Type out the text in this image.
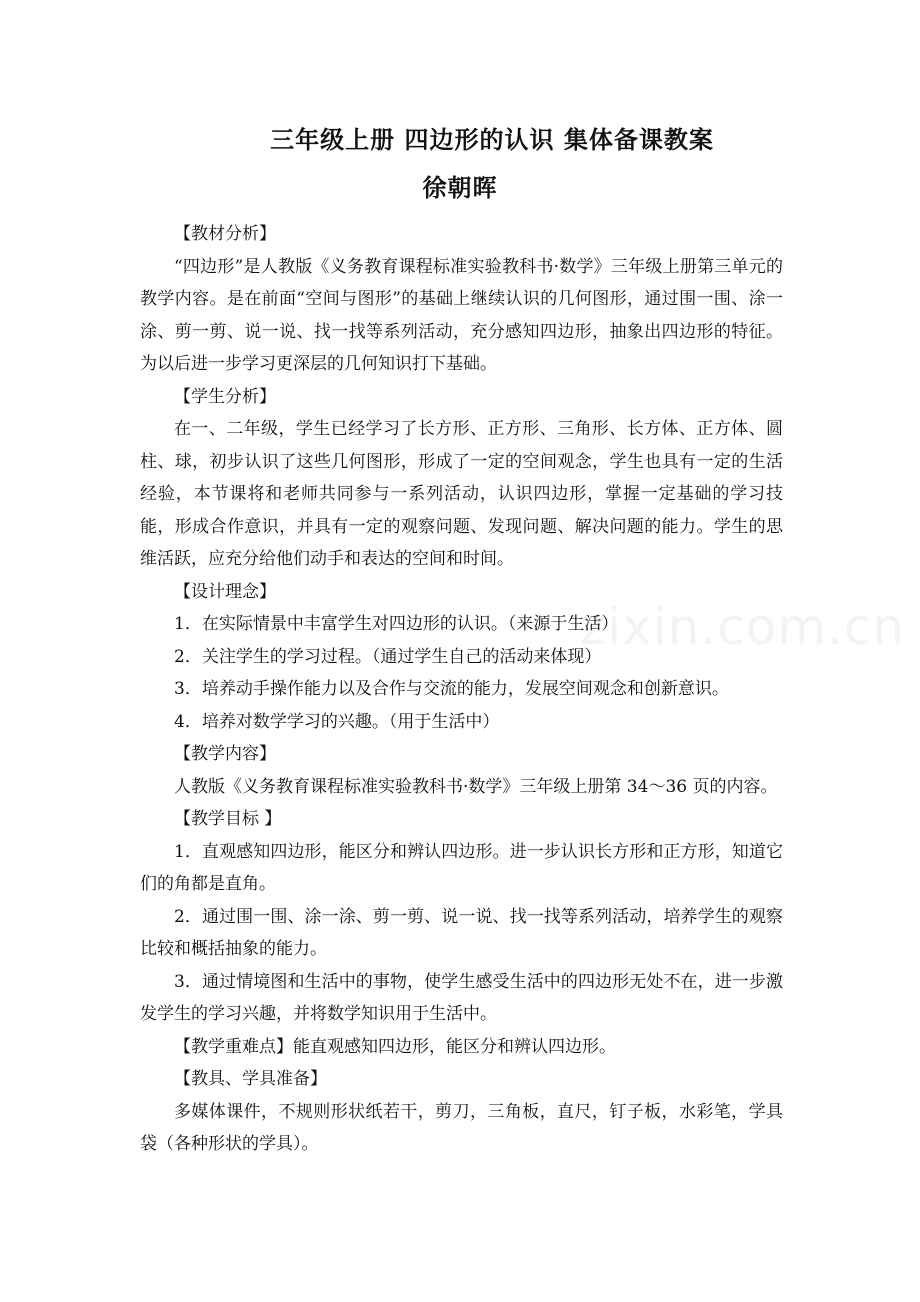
三年级上册 四边形的认识 集体备课教案
徐朝晖
zixin.com.cn

【教材分析】

“四边形”是人教版《义务教育课程标准实验教科书·数学》三年级上册第三单元的教学内容。是在前面“空间与图形”的基础上继续认识的几何图形，通过围一围、涂一涂、剪一剪、说一说、找一找等系列活动，充分感知四边形，抽象出四边形的特征。为以后进一步学习更深层的几何知识打下基础。

【学生分析】

在一、二年级，学生已经学习了长方形、正方形、三角形、长方体、正方体、圆柱、球，初步认识了这些几何图形，形成了一定的空间观念，学生也具有一定的生活经验，本节课将和老师共同参与一系列活动，认识四边形，掌握一定基础的学习技能，形成合作意识，并具有一定的观察问题、发现问题、解决问题的能力。学生的思维活跃，应充分给他们动手和表达的空间和时间。

【设计理念】

1．在实际情景中丰富学生对四边形的认识。（来源于生活）

2．关注学生的学习过程。（通过学生自己的活动来体现）

3．培养动手操作能力以及合作与交流的能力，发展空间观念和创新意识。

4．培养对数学学习的兴趣。（用于生活中）

【教学内容】

人教版《义务教育课程标准实验教科书·数学》三年级上册第 34～36 页的内容。

【教学目标 】

1．直观感知四边形，能区分和辨认四边形。进一步认识长方形和正方形，知道它们的角都是直角。

2．通过围一围、涂一涂、剪一剪、说一说、找一找等系列活动，培养学生的观察比较和概括抽象的能力。

3．通过情境图和生活中的事物，使学生感受生活中的四边形无处不在，进一步激发学生的学习兴趣，并将数学知识用于生活中。

【教学重难点】能直观感知四边形，能区分和辨认四边形。

【教具、学具准备】

多媒体课件，不规则形状纸若干，剪刀，三角板，直尺，钉子板，水彩笔，学具袋（各种形状的学具）。
